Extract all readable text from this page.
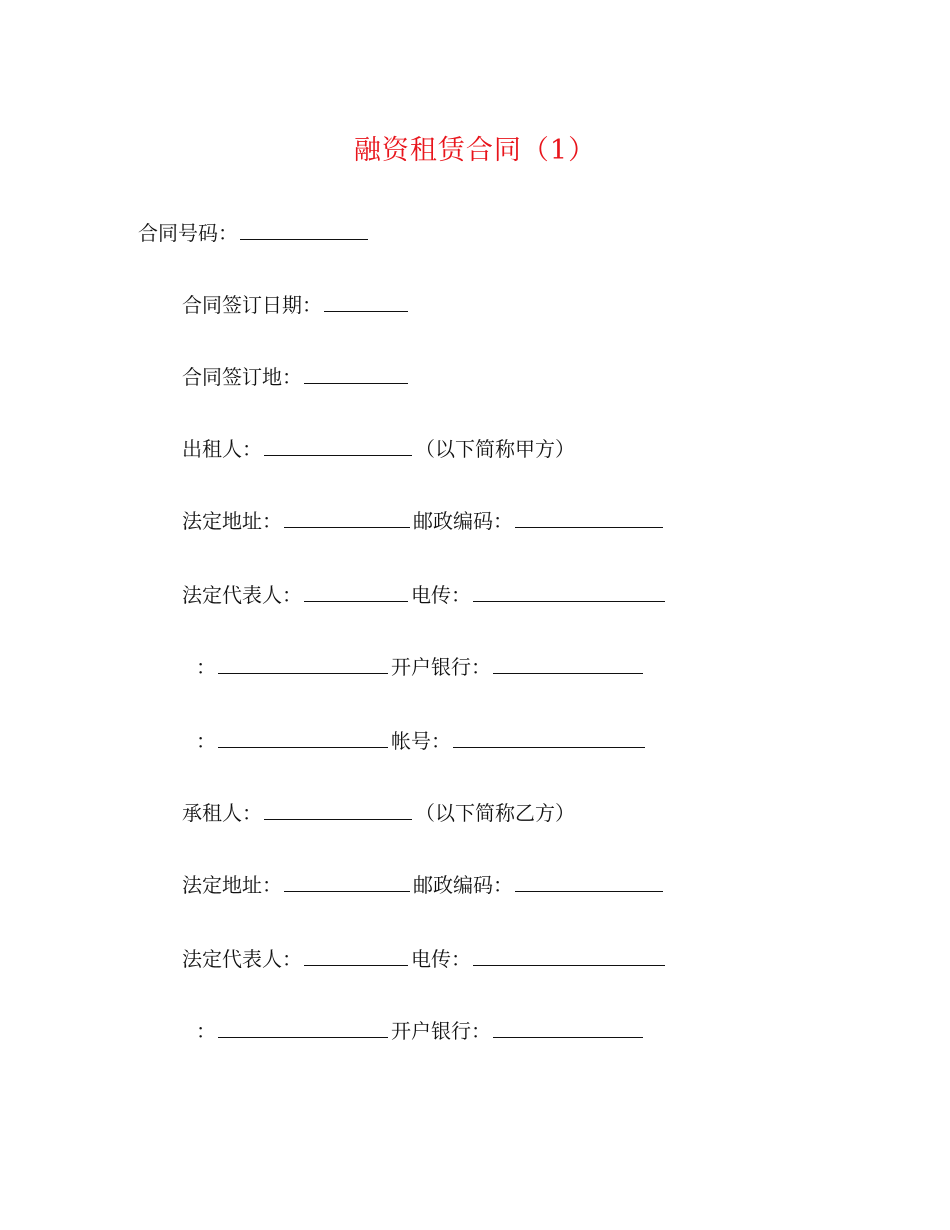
融资租赁合同（1）
合同号码：
合同签订日期：
合同签订地：
出租人：	（以下简称甲方）
法定地址：	邮政编码：
法定代表人：	电传：
：	开户银行：
：	帐号：
承租人：	（以下简称乙方）
法定地址：	邮政编码：
法定代表人：	电传：
：	开户银行：
